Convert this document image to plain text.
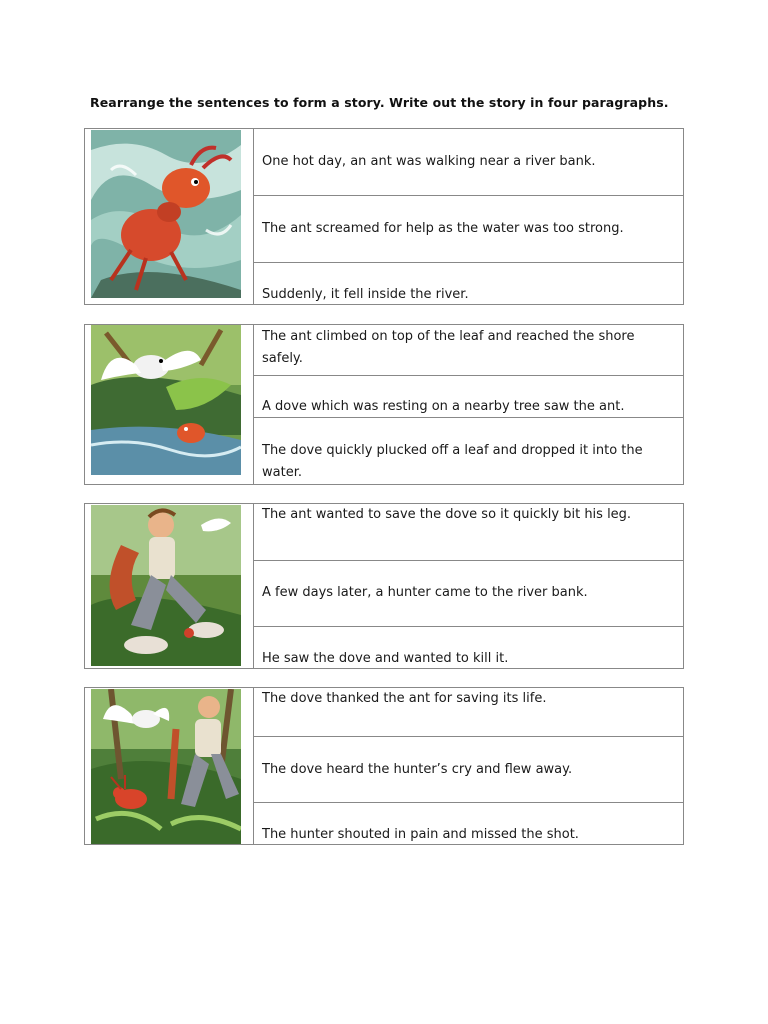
Rearrange the sentences to form a story. Write out the story in four paragraphs.
One hot day, an ant was walking near a river bank.
The ant screamed for help as the water was too strong.
Suddenly, it fell inside the river.
The ant climbed on top of the leaf and reached the shore safely.
A dove which was resting on a nearby tree saw the ant.
The dove quickly plucked off a leaf and dropped it into the water.
The ant wanted to save the dove so it quickly bit his leg.
A few days later, a hunter came to the river bank.
He saw the dove and wanted to kill it.
The dove thanked the ant for saving its life.
The dove heard the hunter’s cry and flew away.
The hunter shouted in pain and missed the shot.
